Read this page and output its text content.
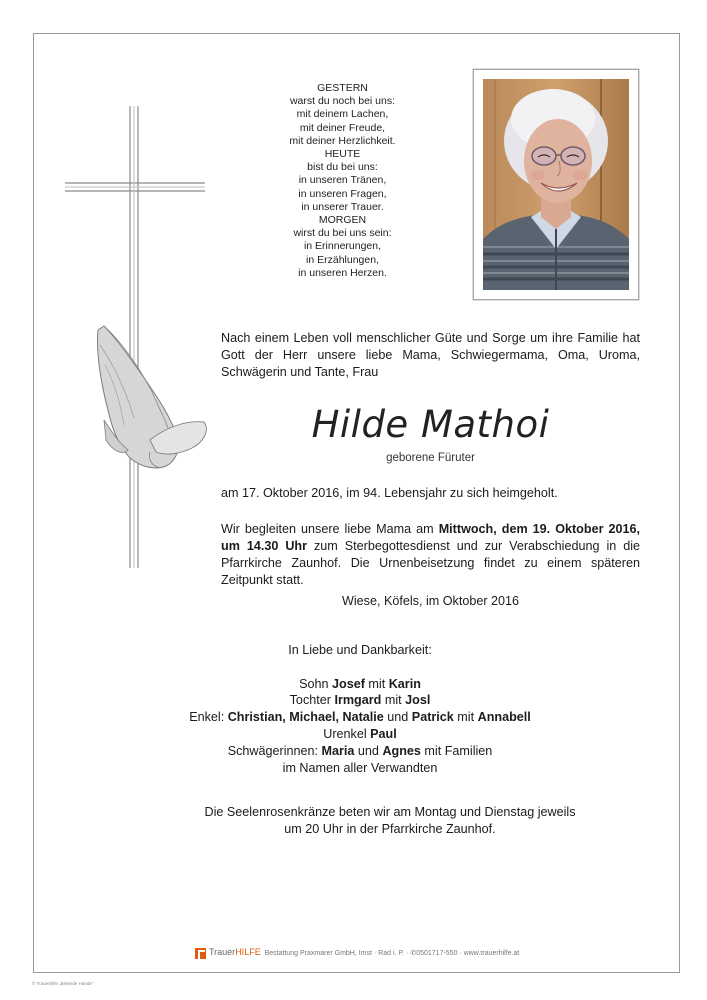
GESTERN
warst du noch bei uns:
mit deinem Lachen,
mit deiner Freude,
mit deiner Herzlichkeit.
HEUTE
bist du bei uns:
in unseren Tränen,
in unseren Fragen,
in unserer Trauer.
MORGEN
wirst du bei uns sein:
in Erinnerungen,
in Erzählungen,
in unseren Herzen.
Nach einem Leben voll menschlicher Güte und Sorge um ihre Familie hat Gott der Herr unsere liebe Mama, Schwiegermama, Oma, Uroma, Schwägerin und Tante, Frau
Hilde Mathoi
geborene Füruter
am 17. Oktober 2016, im 94. Lebensjahr zu sich heimgeholt.
Wir begleiten unsere liebe Mama am Mittwoch, dem 19. Oktober 2016, um 14.30 Uhr zum Sterbegottesdienst und zur Verabschiedung in die Pfarrkirche Zaunhof. Die Urnenbeisetzung findet zu einem späteren Zeitpunkt statt.
Wiese, Köfels, im Oktober 2016
In Liebe und Dankbarkeit:
Sohn Josef mit Karin
Tochter Irmgard mit Josl
Enkel: Christian, Michael, Natalie und Patrick mit Annabell
Urenkel Paul
Schwägerinnen: Maria und Agnes mit Familien
im Namen aller Verwandten
Die Seelenrosenkränze beten wir am Montag und Dienstag jeweils um 20 Uhr in der Pfarrkirche Zaunhof.
TrauerHILFE Bestattung Praxmarer GmbH, Imst · Rad i. P. · ✆0501717-550 · www.trauerhilfe.at
© Trauerhilfe „Betende Hände"
